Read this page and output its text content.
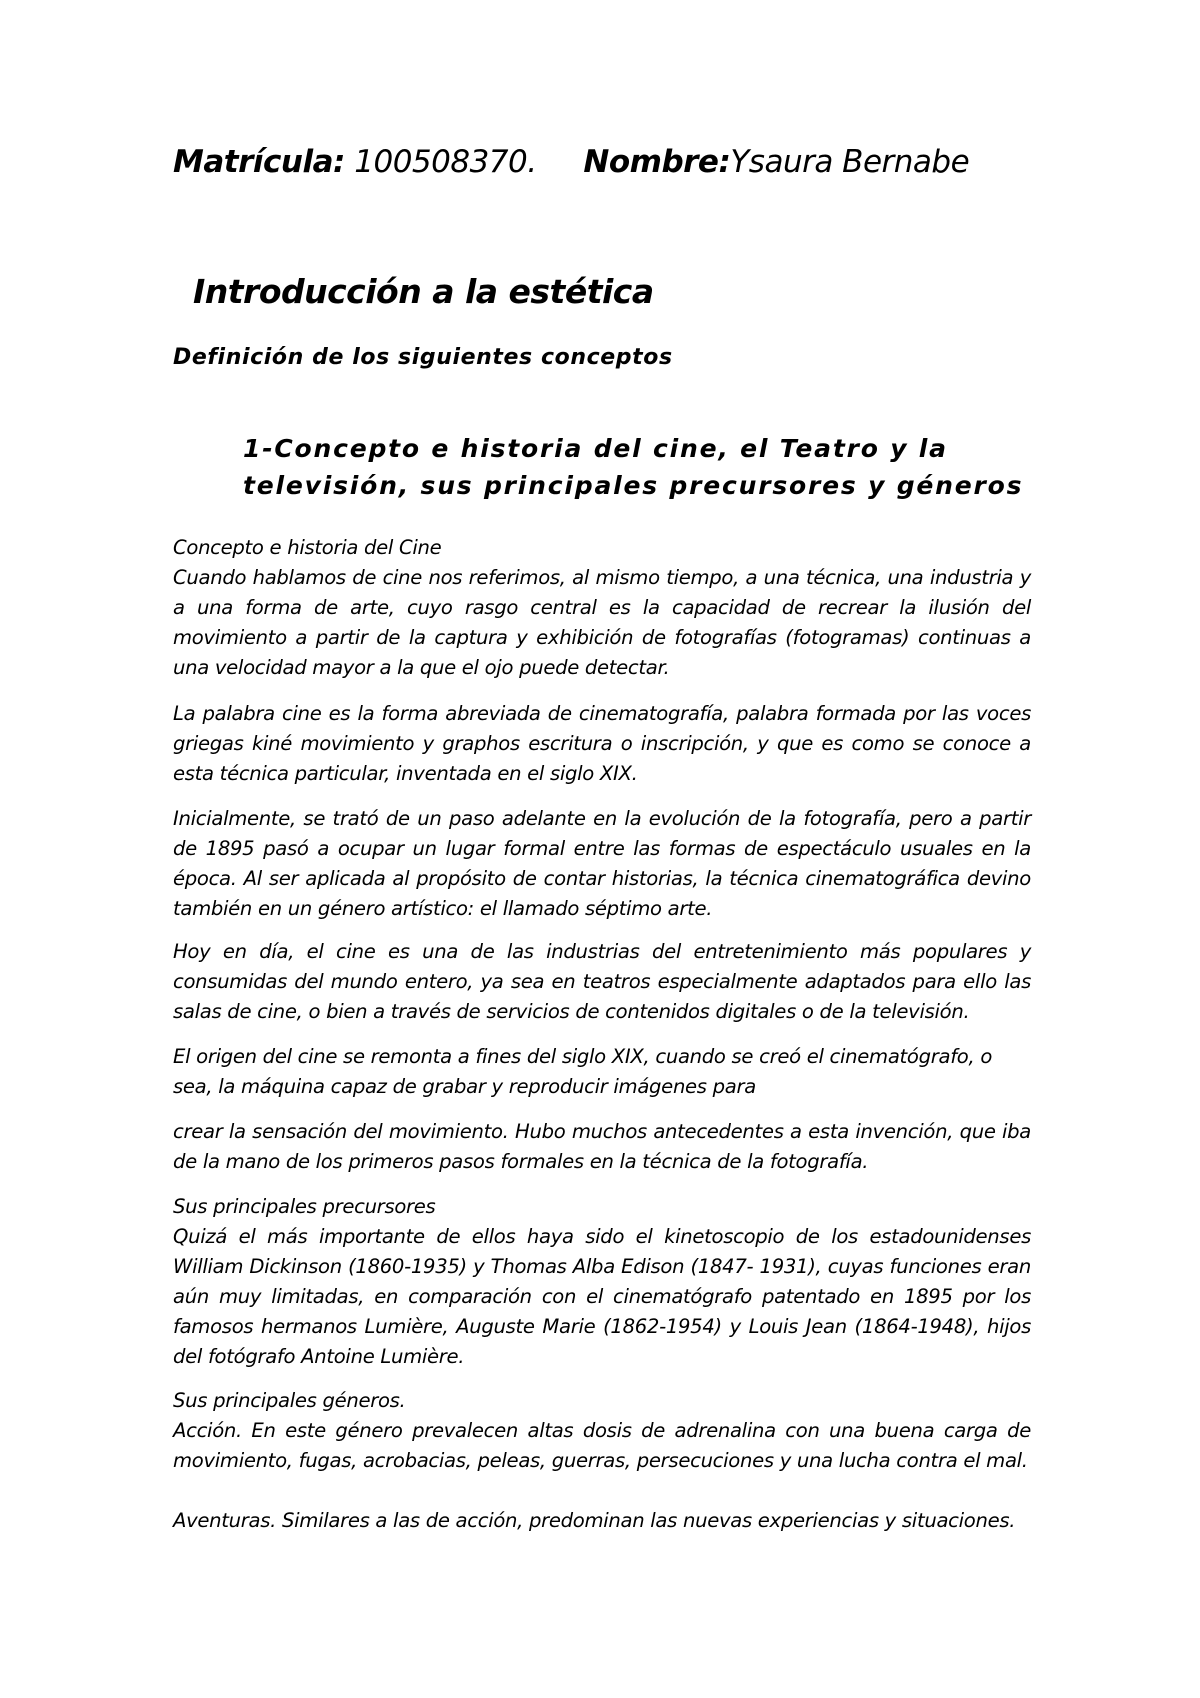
Matrícula: 100508370. Nombre:Ysaura Bernabe
Introducción a la estética
Definición de los siguientes conceptos
1-Concepto e historia del cine, el Teatro y la
televisión, sus principales precursores y géneros
Concepto e historia del Cine
Cuando hablamos de cine nos referimos, al mismo tiempo, a una técnica, una industria y a una forma de arte, cuyo rasgo central es la capacidad de recrear la ilusión del movimiento a partir de la captura y exhibición de fotografías (fotogramas) continuas a una velocidad mayor a la que el ojo puede detectar.
La palabra cine es la forma abreviada de cinematografía, palabra formada por las voces griegas kiné movimiento y graphos escritura o inscripción, y que es como se conoce a esta técnica particular, inventada en el siglo XIX.
Inicialmente, se trató de un paso adelante en la evolución de la fotografía, pero a partir de 1895 pasó a ocupar un lugar formal entre las formas de espectáculo usuales en la época. Al ser aplicada al propósito de contar historias, la técnica cinematográfica devino también en un género artístico: el llamado séptimo arte.
Hoy en día, el cine es una de las industrias del entretenimiento más populares y consumidas del mundo entero, ya sea en teatros especialmente adaptados para ello las salas de cine, o bien a través de servicios de contenidos digitales o de la televisión.
El origen del cine se remonta a fines del siglo XIX, cuando se creó el cinematógrafo, o
sea, la máquina capaz de grabar y reproducir imágenes para
crear la sensación del movimiento. Hubo muchos antecedentes a esta invención, que iba de la mano de los primeros pasos formales en la técnica de la fotografía.
Sus principales precursores
Quizá el más importante de ellos haya sido el kinetoscopio de los estadounidenses William Dickinson (1860-1935) y Thomas Alba Edison (1847- 1931), cuyas funciones eran aún muy limitadas, en comparación con el cinematógrafo patentado en 1895 por los famosos hermanos Lumière, Auguste Marie (1862-1954) y Louis Jean (1864-1948), hijos del fotógrafo Antoine Lumière.
Sus principales géneros.
Acción. En este género prevalecen altas dosis de adrenalina con una buena carga de movimiento, fugas, acrobacias, peleas, guerras, persecuciones y una lucha contra el mal.
Aventuras. Similares a las de acción, predominan las nuevas experiencias y situaciones.
